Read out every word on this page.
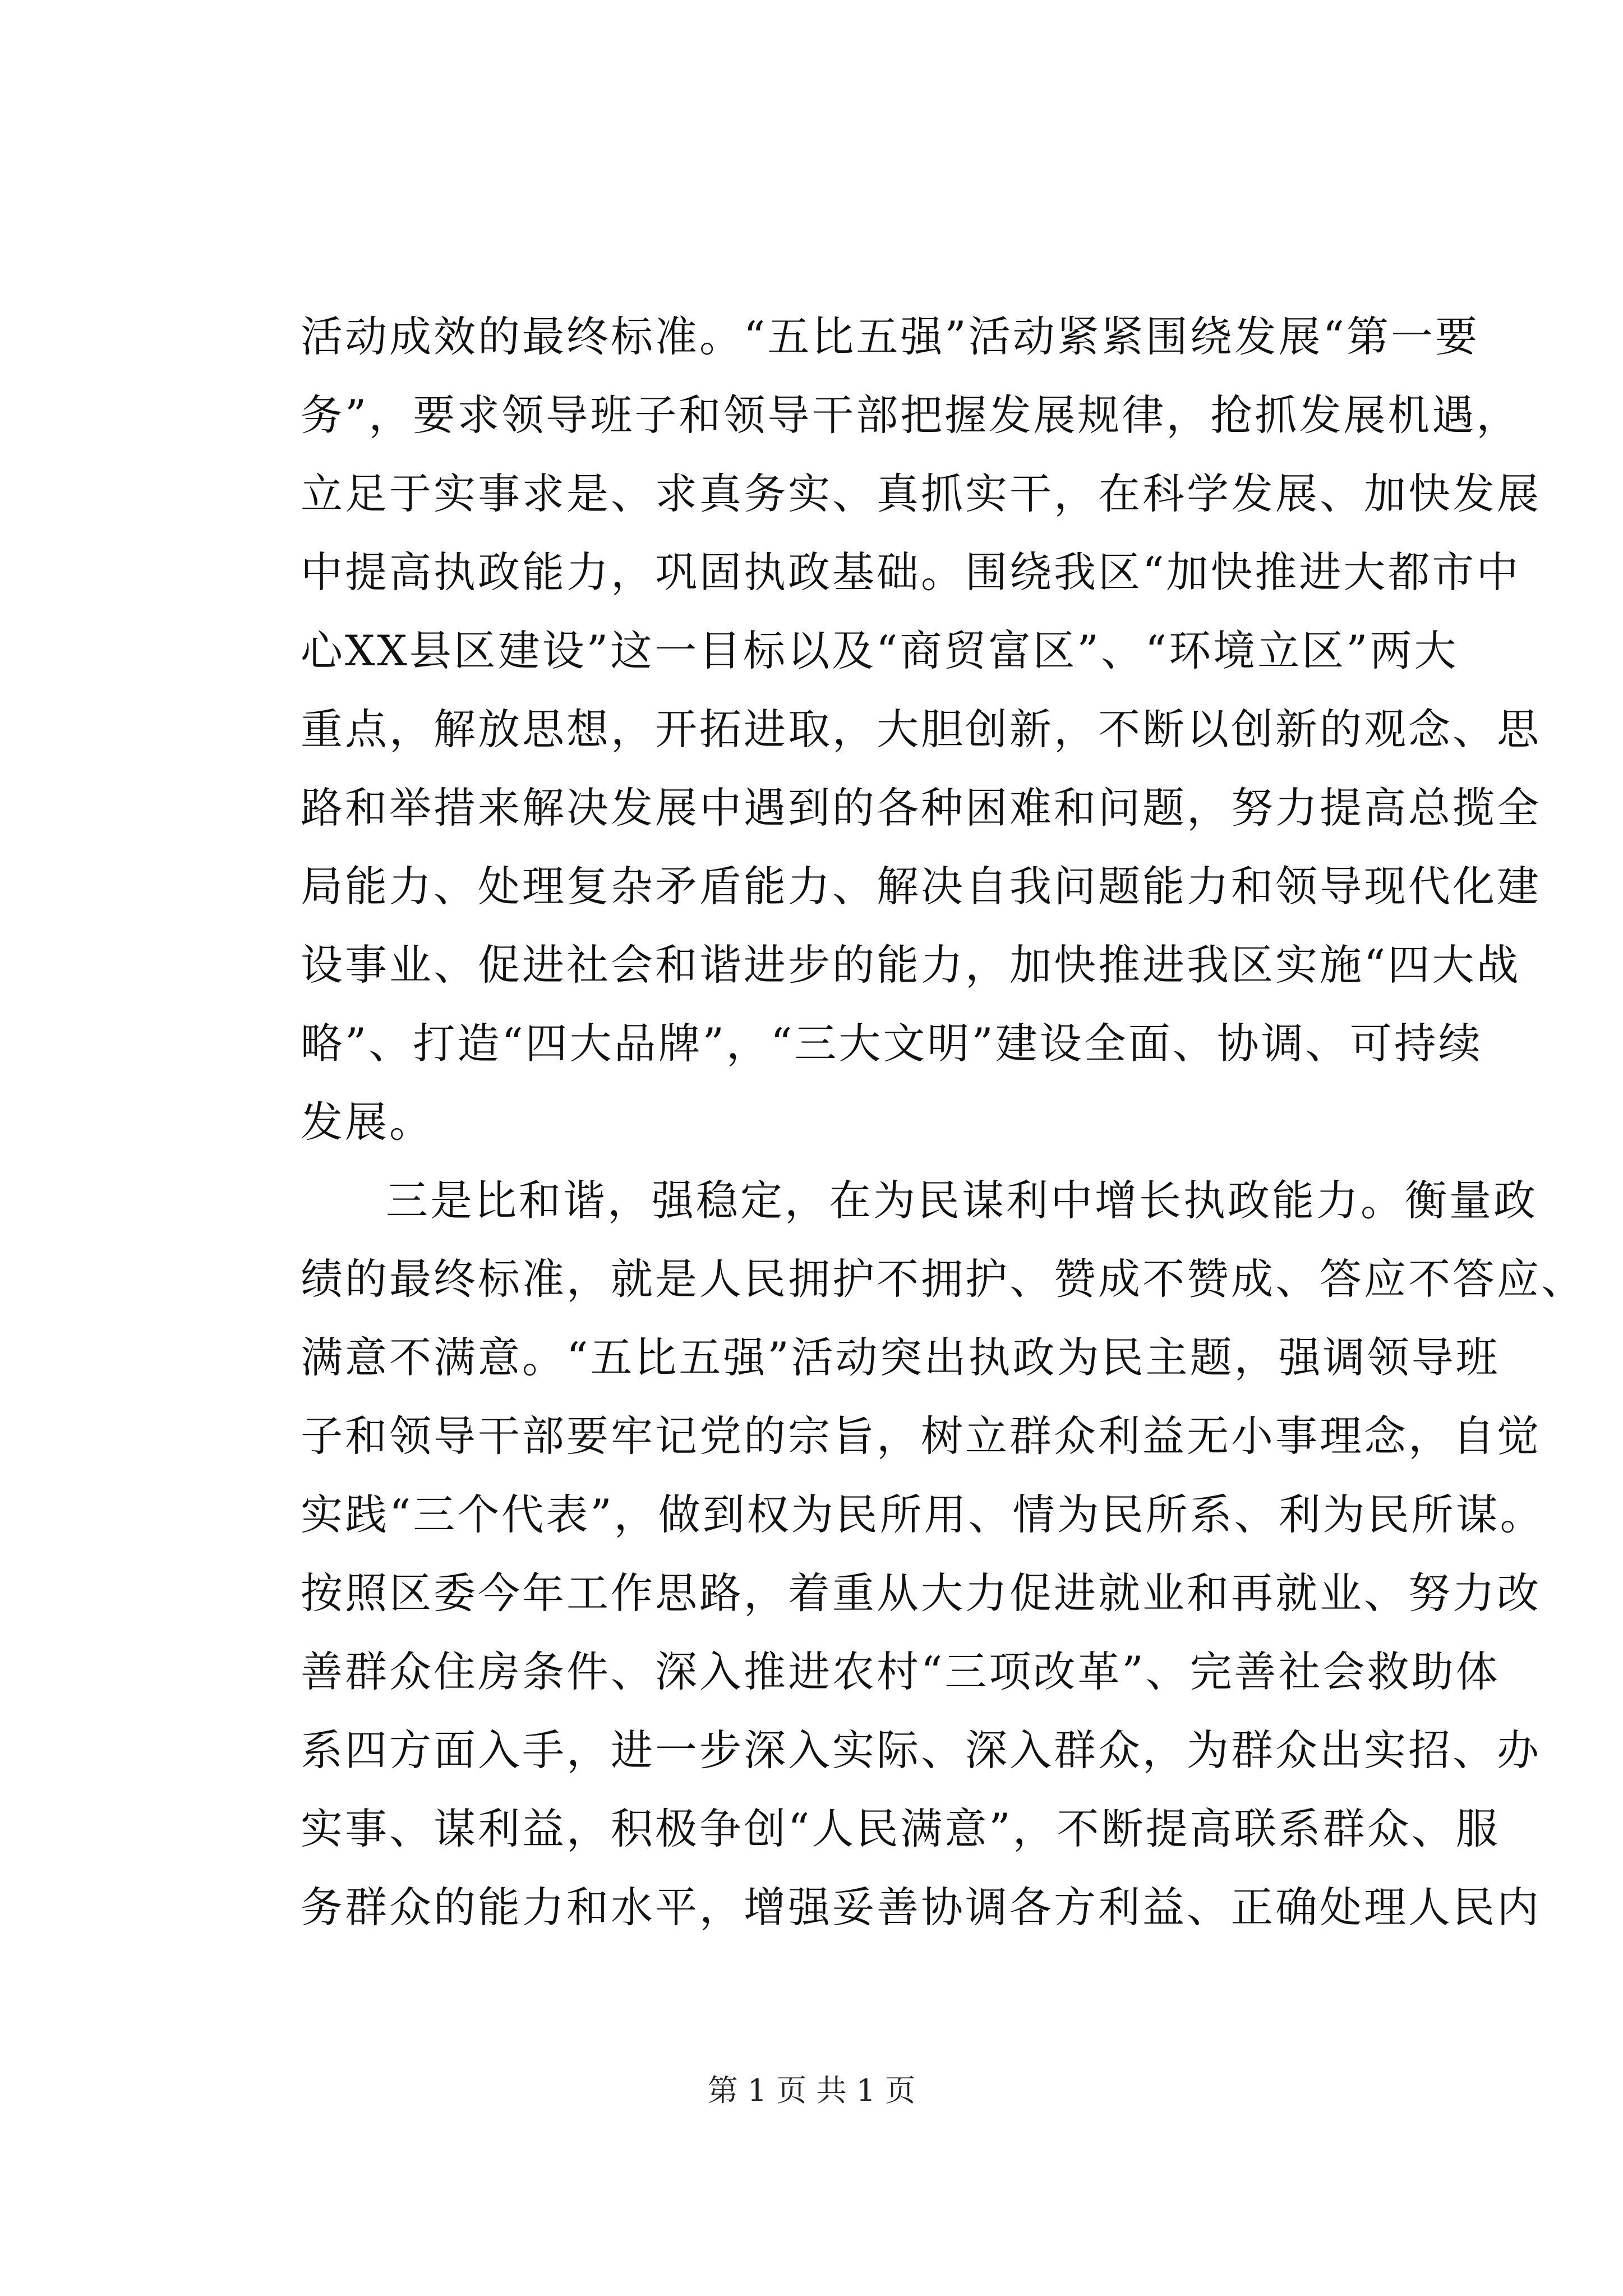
活动成效的最终标准。“五比五强”活动紧紧围绕发展“第一要
务”，要求领导班子和领导干部把握发展规律，抢抓发展机遇，
立足于实事求是、求真务实、真抓实干，在科学发展、加快发展
中提高执政能力，巩固执政基础。围绕我区“加快推进大都市中
心XX县区建设”这一目标以及“商贸富区”、“环境立区”两大
重点，解放思想，开拓进取，大胆创新，不断以创新的观念、思
路和举措来解决发展中遇到的各种困难和问题，努力提高总揽全
局能力、处理复杂矛盾能力、解决自我问题能力和领导现代化建
设事业、促进社会和谐进步的能力，加快推进我区实施“四大战
略”、打造“四大品牌”，“三大文明”建设全面、协调、可持续
发展。
三是比和谐，强稳定，在为民谋利中增长执政能力。衡量政
绩的最终标准，就是人民拥护不拥护、赞成不赞成、答应不答应、
满意不满意。“五比五强”活动突出执政为民主题，强调领导班
子和领导干部要牢记党的宗旨，树立群众利益无小事理念，自觉
实践“三个代表”，做到权为民所用、情为民所系、利为民所谋。
按照区委今年工作思路，着重从大力促进就业和再就业、努力改
善群众住房条件、深入推进农村“三项改革”、完善社会救助体
系四方面入手，进一步深入实际、深入群众，为群众出实招、办
实事、谋利益，积极争创“人民满意”，不断提高联系群众、服
务群众的能力和水平，增强妥善协调各方利益、正确处理人民内
第 1 页 共 1 页
